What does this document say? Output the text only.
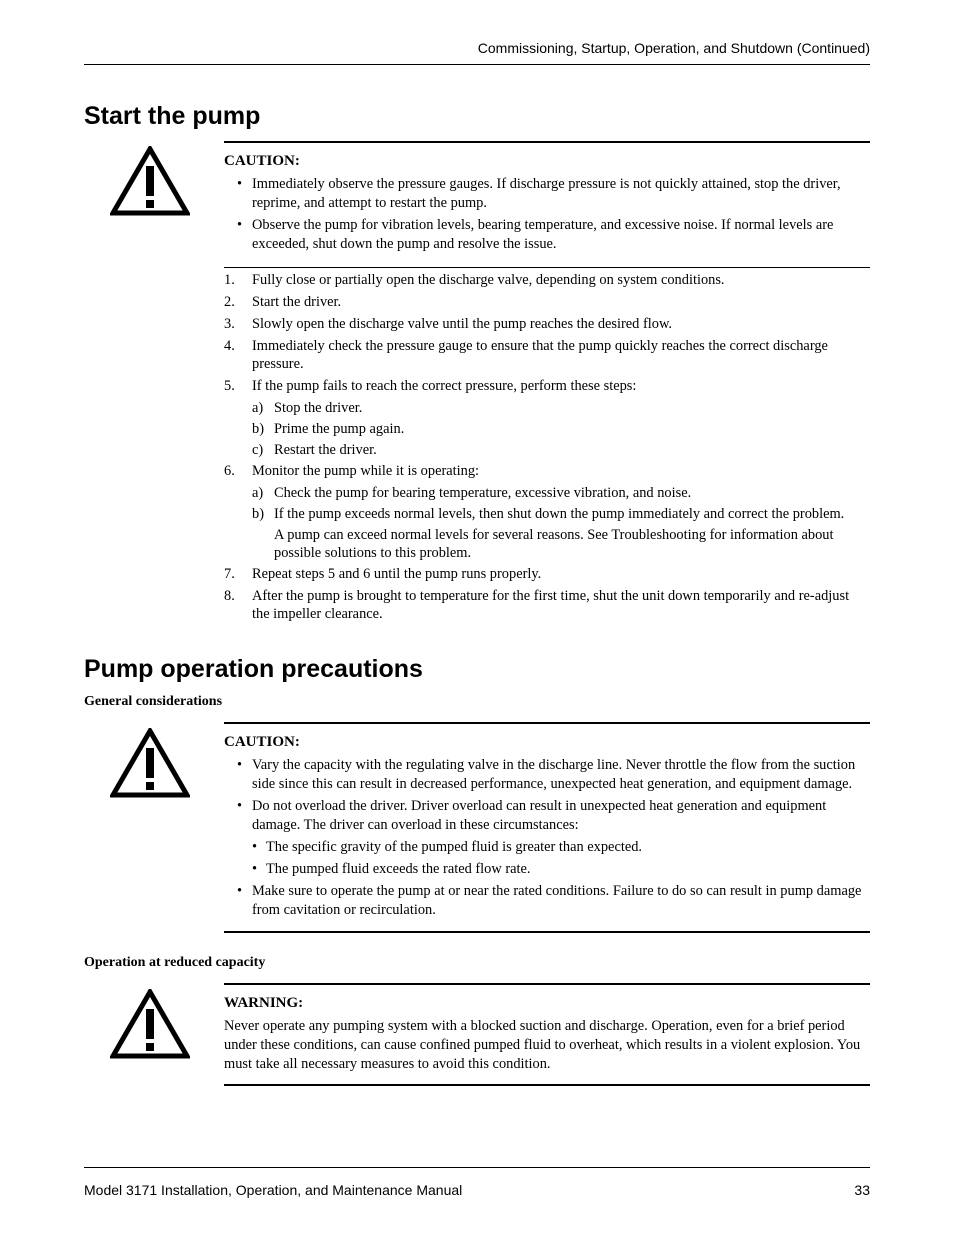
Commissioning, Startup, Operation, and Shutdown (Continued)
Start the pump
CAUTION:
• Immediately observe the pressure gauges. If discharge pressure is not quickly attained, stop the driver, reprime, and attempt to restart the pump.
• Observe the pump for vibration levels, bearing temperature, and excessive noise. If normal levels are exceeded, shut down the pump and resolve the issue.
1. Fully close or partially open the discharge valve, depending on system conditions.
2. Start the driver.
3. Slowly open the discharge valve until the pump reaches the desired flow.
4. Immediately check the pressure gauge to ensure that the pump quickly reaches the correct discharge pressure.
5. If the pump fails to reach the correct pressure, perform these steps:
a) Stop the driver.
b) Prime the pump again.
c) Restart the driver.
6. Monitor the pump while it is operating:
a) Check the pump for bearing temperature, excessive vibration, and noise.
b) If the pump exceeds normal levels, then shut down the pump immediately and correct the problem.
A pump can exceed normal levels for several reasons. See Troubleshooting for information about possible solutions to this problem.
7. Repeat steps 5 and 6 until the pump runs properly.
8. After the pump is brought to temperature for the first time, shut the unit down temporarily and re-adjust the impeller clearance.
Pump operation precautions
General considerations
CAUTION:
• Vary the capacity with the regulating valve in the discharge line. Never throttle the flow from the suction side since this can result in decreased performance, unexpected heat generation, and equipment damage.
• Do not overload the driver. Driver overload can result in unexpected heat generation and equipment damage. The driver can overload in these circumstances:
• The specific gravity of the pumped fluid is greater than expected.
• The pumped fluid exceeds the rated flow rate.
• Make sure to operate the pump at or near the rated conditions. Failure to do so can result in pump damage from cavitation or recirculation.
Operation at reduced capacity
WARNING:
Never operate any pumping system with a blocked suction and discharge. Operation, even for a brief period under these conditions, can cause confined pumped fluid to overheat, which results in a violent explosion. You must take all necessary measures to avoid this condition.
Model 3171 Installation, Operation, and Maintenance Manual	33
